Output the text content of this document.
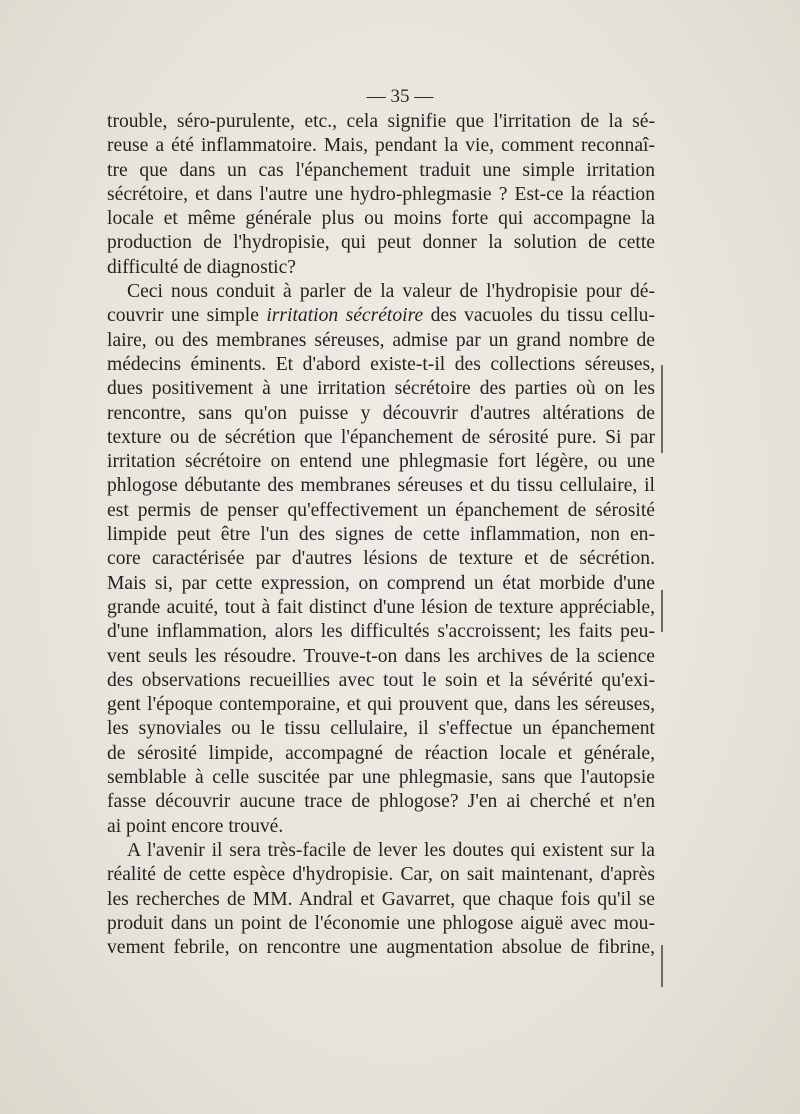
— 35 —
trouble, séro-purulente, etc., cela signifie que l'irritation de la sé-
reuse a été inflammatoire. Mais, pendant la vie, comment reconnaî-
tre que dans un cas l'épanchement traduit une simple irritation
sécrétoire, et dans l'autre une hydro-phlegmasie ? Est-ce la réaction
locale et même générale plus ou moins forte qui accompagne la
production de l'hydropisie, qui peut donner la solution de cette
difficulté de diagnostic?
Ceci nous conduit à parler de la valeur de l'hydropisie pour dé-
couvrir une simple irritation sécrétoire des vacuoles du tissu cellu-
laire, ou des membranes séreuses, admise par un grand nombre de
médecins éminents. Et d'abord existe-t-il des collections séreuses,
dues positivement à une irritation sécrétoire des parties où on les
rencontre, sans qu'on puisse y découvrir d'autres altérations de
texture ou de sécrétion que l'épanchement de sérosité pure. Si par
irritation sécrétoire on entend une phlegmasie fort légère, ou une
phlogose débutante des membranes séreuses et du tissu cellulaire, il
est permis de penser qu'effectivement un épanchement de sérosité
limpide peut être l'un des signes de cette inflammation, non en-
core caractérisée par d'autres lésions de texture et de sécrétion.
Mais si, par cette expression, on comprend un état morbide d'une
grande acuité, tout à fait distinct d'une lésion de texture appréciable,
d'une inflammation, alors les difficultés s'accroissent; les faits peu-
vent seuls les résoudre. Trouve-t-on dans les archives de la science
des observations recueillies avec tout le soin et la sévérité qu'exi-
gent l'époque contemporaine, et qui prouvent que, dans les séreuses,
les synoviales ou le tissu cellulaire, il s'effectue un épanchement
de sérosité limpide, accompagné de réaction locale et générale,
semblable à celle suscitée par une phlegmasie, sans que l'autopsie
fasse découvrir aucune trace de phlogose? J'en ai cherché et n'en
ai point encore trouvé.
A l'avenir il sera très-facile de lever les doutes qui existent sur la
réalité de cette espèce d'hydropisie. Car, on sait maintenant, d'après
les recherches de MM. Andral et Gavarret, que chaque fois qu'il se
produit dans un point de l'économie une phlogose aiguë avec mou-
vement febrile, on rencontre une augmentation absolue de fibrine,
